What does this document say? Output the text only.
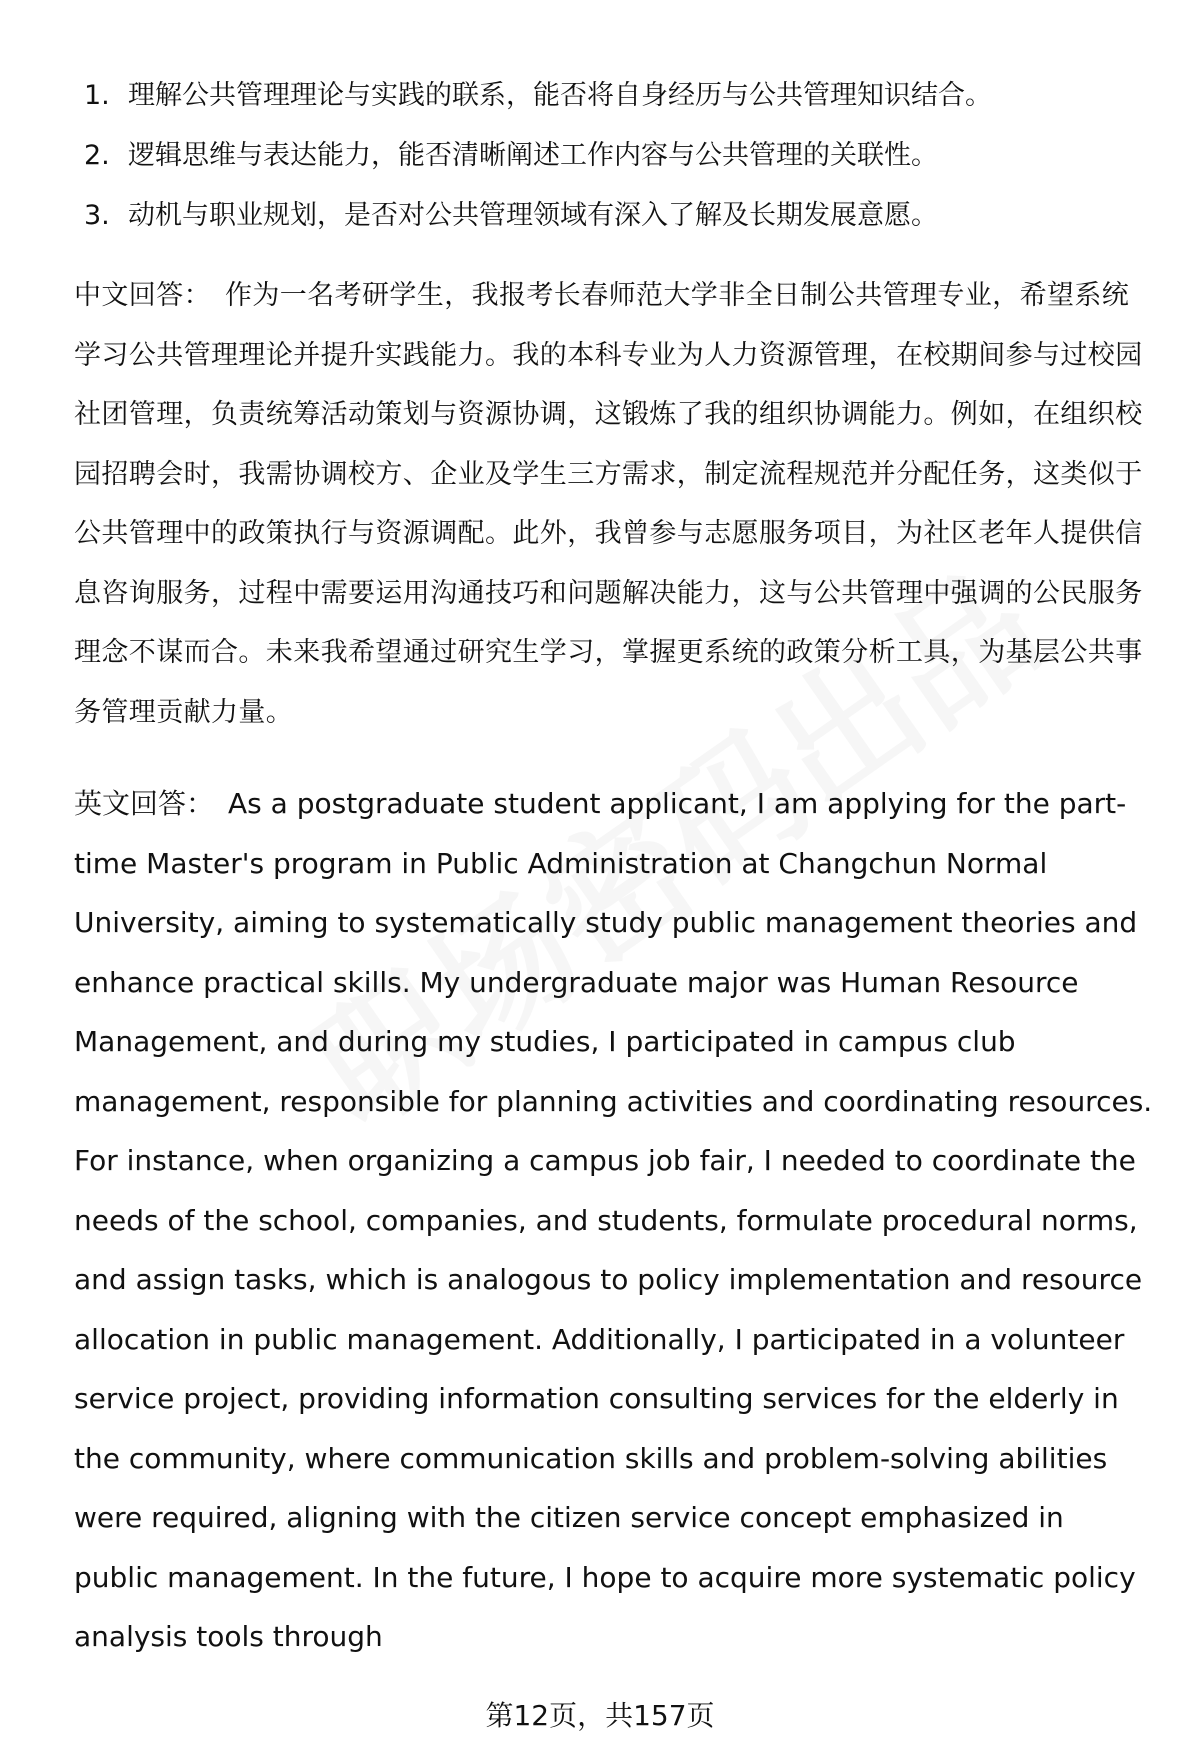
1. 理解公共管理理论与实践的联系，能否将自身经历与公共管理知识结合。
2. 逻辑思维与表达能力，能否清晰阐述工作内容与公共管理的关联性。
3. 动机与职业规划，是否对公共管理领域有深入了解及长期发展意愿。

中文回答： 作为一名考研学生，我报考长春师范大学非全日制公共管理专业，希望系统学习公共管理理论并提升实践能力。我的本科专业为人力资源管理，在校期间参与过校园社团管理，负责统筹活动策划与资源协调，这锻炼了我的组织协调能力。例如，在组织校园招聘会时，我需协调校方、企业及学生三方需求，制定流程规范并分配任务，这类似于公共管理中的政策执行与资源调配。此外，我曾参与志愿服务项目，为社区老年人提供信息咨询服务，过程中需要运用沟通技巧和问题解决能力，这与公共管理中强调的公民服务理念不谋而合。未来我希望通过研究生学习，掌握更系统的政策分析工具，为基层公共事务管理贡献力量。

英文回答： As a postgraduate student applicant, I am applying for the part-time Master's program in Public Administration at Changchun Normal University, aiming to systematically study public management theories and enhance practical skills. My undergraduate major was Human Resource Management, and during my studies, I participated in campus club management, responsible for planning activities and coordinating resources. For instance, when organizing a campus job fair, I needed to coordinate the needs of the school, companies, and students, formulate procedural norms, and assign tasks, which is analogous to policy implementation and resource allocation in public management. Additionally, I participated in a volunteer service project, providing information consulting services for the elderly in the community, where communication skills and problem-solving abilities were required, aligning with the citizen service concept emphasized in public management. In the future, I hope to acquire more systematic policy analysis tools through

第12页，共157页
